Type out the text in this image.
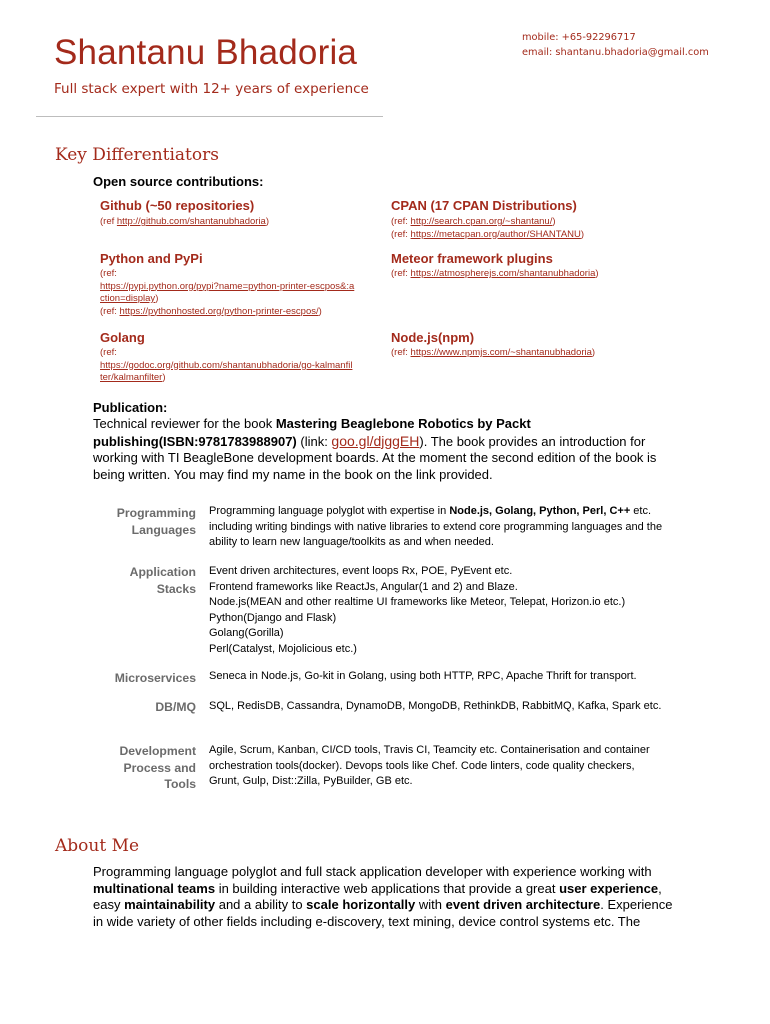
Shantanu Bhadoria
Full stack expert with 12+ years of experience
mobile: +65-92296717
email: shantanu.bhadoria@gmail.com
Key Differentiators
Open source contributions:
Github (~50 repositories)
(ref http://github.com/shantanubhadoria)
CPAN (17 CPAN Distributions)
(ref: http://search.cpan.org/~shantanu/)
(ref: https://metacpan.org/author/SHANTANU)
Python and PyPi
(ref:
https://pypi.python.org/pypi?name=python-printer-escpos&:a
ction=display)
(ref: https://pythonhosted.org/python-printer-escpos/)
Meteor framework plugins
(ref: https://atmospherejs.com/shantanubhadoria)
Golang
(ref:
https://godoc.org/github.com/shantanubhadoria/go-kalmanfil
ter/kalmanfilter)
Node.js(npm)
(ref: https://www.npmjs.com/~shantanubhadoria)
Publication:
Technical reviewer for the book Mastering Beaglebone Robotics by Packt publishing(ISBN:9781783988907) (link: goo.gl/djggEH). The book provides an introduction for working with TI BeagleBone development boards. At the moment the second edition of the book is being written. You may find my name in the book on the link provided.
Programming
Languages
Programming language polyglot with expertise in Node.js, Golang, Python, Perl, C++ etc. including writing bindings with native libraries to extend core programming languages and the ability to learn new language/toolkits as and when needed.
Application
Stacks
Event driven architectures, event loops Rx, POE, PyEvent etc.
Frontend frameworks like ReactJs, Angular(1 and 2) and Blaze.
Node.js(MEAN and other realtime UI frameworks like Meteor, Telepat, Horizon.io etc.)
Python(Django and Flask)
Golang(Gorilla)
Perl(Catalyst, Mojolicious etc.)
Microservices Seneca in Node.js, Go-kit in Golang, using both HTTP, RPC, Apache Thrift for transport.
DB/MQ SQL, RedisDB, Cassandra, DynamoDB, MongoDB, RethinkDB, RabbitMQ, Kafka, Spark etc.
Development
Process and
Tools
Agile, Scrum, Kanban, CI/CD tools, Travis CI, Teamcity etc. Containerisation and container orchestration tools(docker). Devops tools like Chef. Code linters, code quality checkers, Grunt, Gulp, Dist::Zilla, PyBuilder, GB etc.
About Me
Programming language polyglot and full stack application developer with experience working with multinational teams in building interactive web applications that provide a great user experience, easy maintainability and a ability to scale horizontally with event driven architecture. Experience in wide variety of other fields including e-discovery, text mining, device control systems etc. The
